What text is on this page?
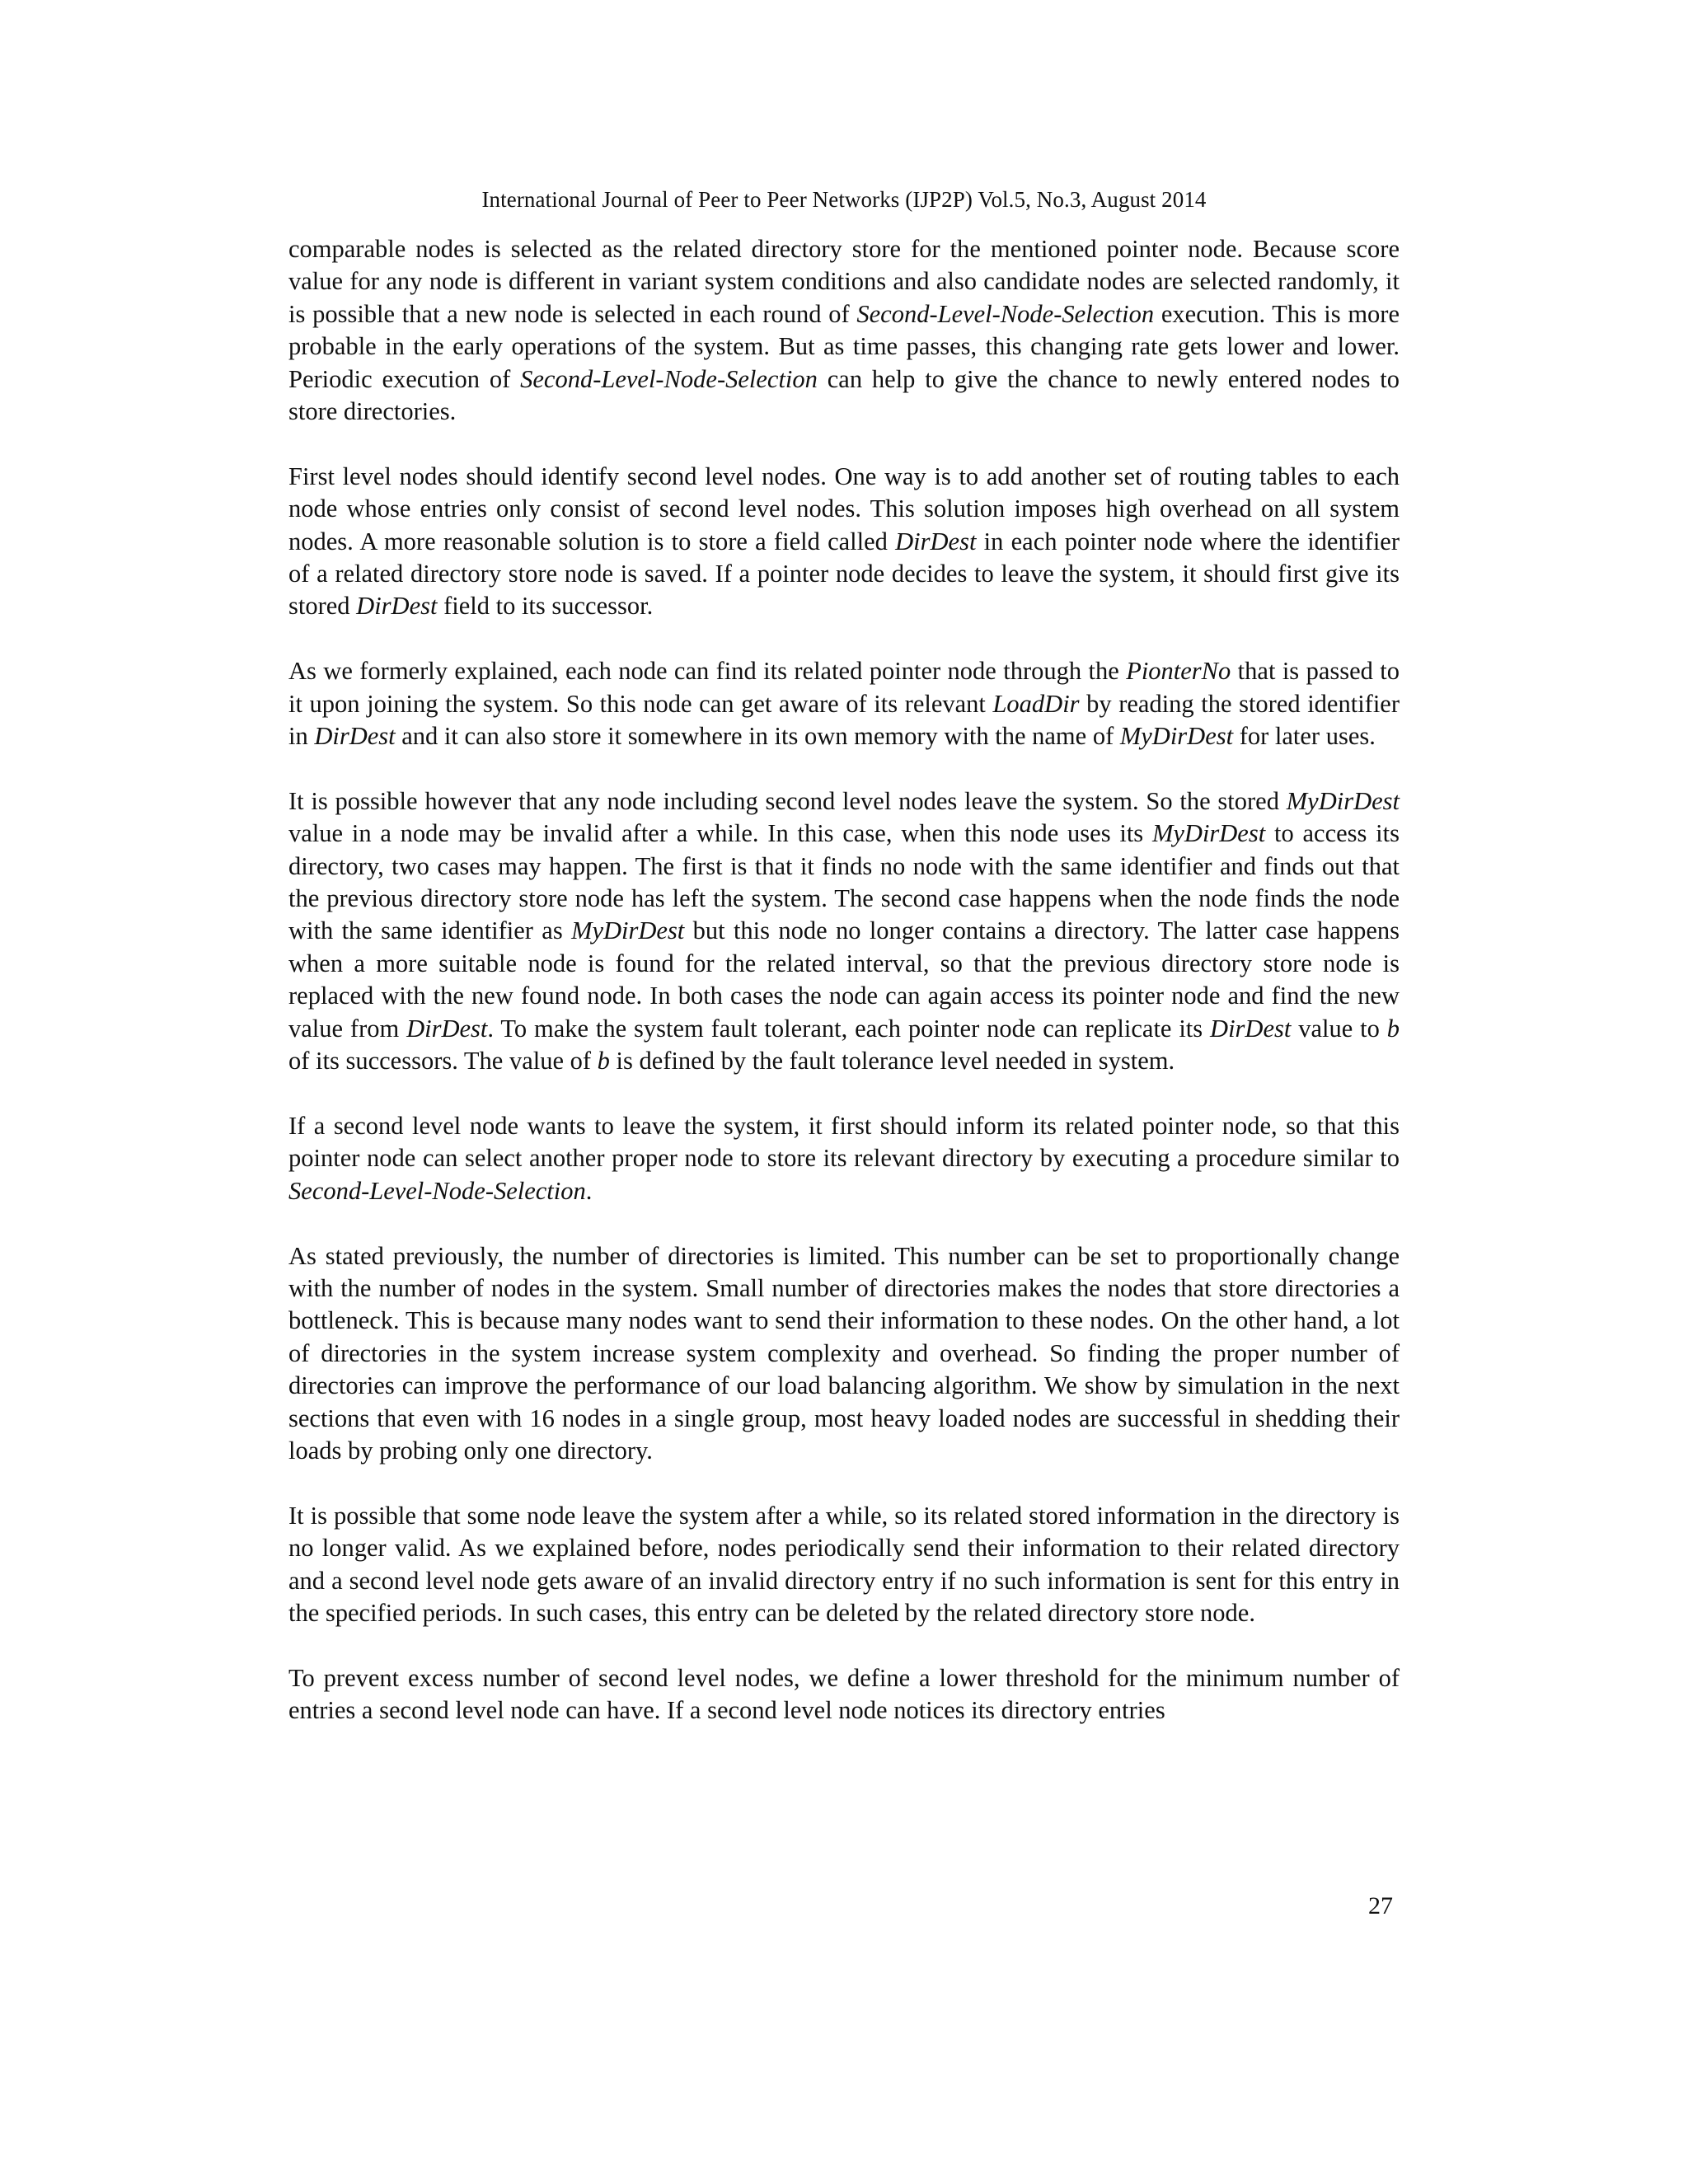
International Journal of Peer to Peer Networks (IJP2P) Vol.5, No.3, August 2014

comparable nodes is selected as the related directory store for the mentioned pointer node. Because score value for any node is different in variant system conditions and also candidate nodes are selected randomly, it is possible that a new node is selected in each round of Second-Level-Node-Selection execution. This is more probable in the early operations of the system. But as time passes, this changing rate gets lower and lower. Periodic execution of Second-Level-Node-Selection can help to give the chance to newly entered nodes to store directories.

First level nodes should identify second level nodes. One way is to add another set of routing tables to each node whose entries only consist of second level nodes. This solution imposes high overhead on all system nodes. A more reasonable solution is to store a field called DirDest in each pointer node where the identifier of a related directory store node is saved. If a pointer node decides to leave the system, it should first give its stored DirDest field to its successor.

As we formerly explained, each node can find its related pointer node through the PionterNo that is passed to it upon joining the system. So this node can get aware of its relevant LoadDir by reading the stored identifier in DirDest and it can also store it somewhere in its own memory with the name of MyDirDest for later uses.

It is possible however that any node including second level nodes leave the system. So the stored MyDirDest value in a node may be invalid after a while. In this case, when this node uses its MyDirDest to access its directory, two cases may happen. The first is that it finds no node with the same identifier and finds out that the previous directory store node has left the system. The second case happens when the node finds the node with the same identifier as MyDirDest but this node no longer contains a directory. The latter case happens when a more suitable node is found for the related interval, so that the previous directory store node is replaced with the new found node. In both cases the node can again access its pointer node and find the new value from DirDest. To make the system fault tolerant, each pointer node can replicate its DirDest value to b of its successors. The value of b is defined by the fault tolerance level needed in system.

If a second level node wants to leave the system, it first should inform its related pointer node, so that this pointer node can select another proper node to store its relevant directory by executing a procedure similar to Second-Level-Node-Selection.

As stated previously, the number of directories is limited. This number can be set to proportionally change with the number of nodes in the system. Small number of directories makes the nodes that store directories a bottleneck. This is because many nodes want to send their information to these nodes. On the other hand, a lot of directories in the system increase system complexity and overhead. So finding the proper number of directories can improve the performance of our load balancing algorithm. We show by simulation in the next sections that even with 16 nodes in a single group, most heavy loaded nodes are successful in shedding their loads by probing only one directory.

It is possible that some node leave the system after a while, so its related stored information in the directory is no longer valid. As we explained before, nodes periodically send their information to their related directory and a second level node gets aware of an invalid directory entry if no such information is sent for this entry in the specified periods. In such cases, this entry can be deleted by the related directory store node.

To prevent excess number of second level nodes, we define a lower threshold for the minimum number of entries a second level node can have. If a second level node notices its directory entries

27
